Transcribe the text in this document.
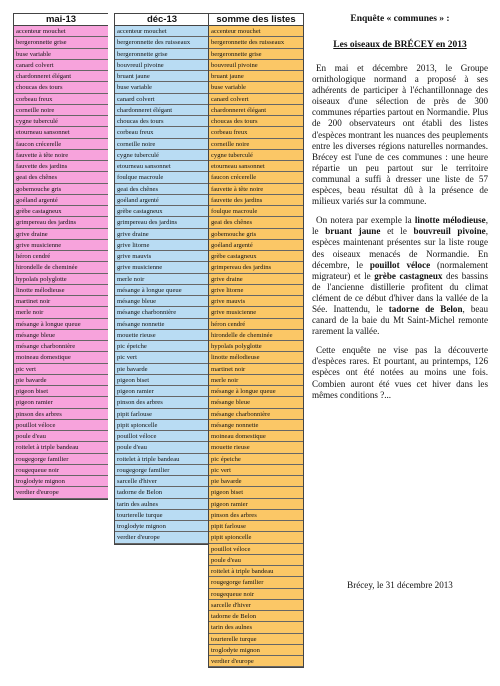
mai-13
accenteur mouchet
bergeronnette grise
buse variable
canard colvert
chardonneret élégant
choucas des tours
corbeau freux
corneille noire
cygne tuberculé
etourneau sansonnet
faucon crécerelle
fauvette à tête noire
fauvette des jardins
geai des chênes
gobemouche gris
goéland argenté
grèbe castagneux
grimpereau des jardins
grive draine
grive musicienne
héron cendré
hirondelle de cheminée
hypolaïs polyglotte
linotte mélodieuse
martinet noir
merle noir
mésange à longue queue
mésange bleue
mésange charbonnière
moineau domestique
pic vert
pie bavarde
pigeon biset
pigeon ramier
pinson des arbres
pouillot véloce
poule d'eau
roitelet à triple bandeau
rougegorge familier
rougequeue noir
troglodyte mignon
verdier d'europe
déc-13
accenteur mouchet
bergeronnette des ruisseaux
bergeronnette grise
bouvreuil pivoine
bruant jaune
buse variable
canard colvert
chardonneret élégant
choucas des tours
corbeau freux
corneille noire
cygne tuberculé
etourneau sansonnet
foulque macroule
geai des chênes
goéland argenté
grèbe castagneux
grimpereau des jardins
grive draine
grive litorne
grive mauvis
grive musicienne
merle noir
mésange à longue queue
mésange bleue
mésange charbonnière
mésange nonnette
mouette rieuse
pic épeiche
pic vert
pie bavarde
pigeon biset
pigeon ramier
pinson des arbres
pipit farlouse
pipit spioncelle
pouillot véloce
poule d'eau
roitelet à triple bandeau
rougegorge familier
sarcelle d'hiver
tadorne de Belon
tarin des aulnes
tourterelle turque
troglodyte mignon
verdier d'europe
somme des listes
accenteur mouchet
bergeronnette des ruisseaux
bergeronnette grise
bouvreuil pivoine
bruant jaune
buse variable
canard colvert
chardonneret élégant
choucas des tours
corbeau freux
corneille noire
cygne tuberculé
etourneau sansonnet
faucon crécerelle
fauvette à tête noire
fauvette des jardins
foulque macroule
geai des chênes
gobemouche gris
goéland argenté
grèbe castagneux
grimpereau des jardins
grive draine
grive litorne
grive mauvis
grive musicienne
héron cendré
hirondelle de cheminée
hypolaïs polyglotte
linotte mélodieuse
martinet noir
merle noir
mésange à longue queue
mésange bleue
mésange charbonnière
mésange nonnette
moineau domestique
mouette rieuse
pic épeiche
pic vert
pie bavarde
pigeon biset
pigeon ramier
pinson des arbres
pipit farlouse
pipit spioncelle
pouillot véloce
poule d'eau
roitelet à triple bandeau
rougegorge familier
rougequeue noir
sarcelle d'hiver
tadorne de Belon
tarin des aulnes
tourterelle turque
troglodyte mignon
verdier d'europe
Enquête « communes » :
Les oiseaux de BRÉCEY en 2013

En mai et décembre 2013, le Groupe ornithologique normand a proposé à ses adhérents de participer à l'échantillonnage des oiseaux d'une sélection de près de 300 communes réparties partout en Normandie. Plus de 200 observateurs ont établi des listes d'espèces montrant les nuances des peuplements entre les diverses régions naturelles normandes. Brécey est l'une de ces communes : une heure répartie un peu partout sur le territoire communal a suffi à dresser une liste de 57 espèces, beau résultat dû à la présence de milieux variés sur la commune.

On notera par exemple la linotte mélodieuse, le bruant jaune et le bouvreuil pivoine, espèces maintenant présentes sur la liste rouge des oiseaux menacés de Normandie. En décembre, le pouillot véloce (normalement migrateur) et le grèbe castagneux des bassins de l'ancienne distillerie profitent du climat clément de ce début d'hiver dans la vallée de la Sée. Inattendu, le tadorne de Belon, beau canard de la baie du Mt Saint-Michel remonte rarement la vallée.

Cette enquête ne vise pas la découverte d'espèces rares. Et pourtant, au printemps, 126 espèces ont été notées au moins une fois. Combien auront été vues cet hiver dans les mêmes conditions ?...

Brécey, le 31 décembre 2013
